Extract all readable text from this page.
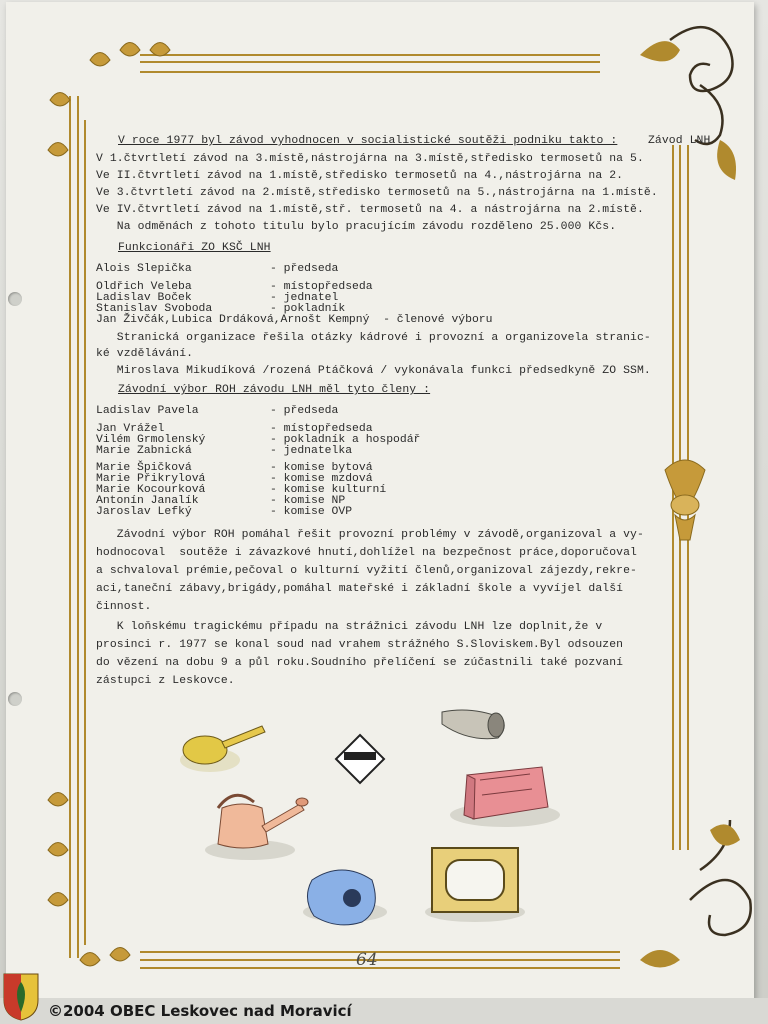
V roce 1977 byl závod vyhodnocen v socialistické soutěži podniku takto :	Závod LNH
V 1.čtvrtletí závod na 3.místě,nástrojárna na 3.místě,středisko termosetů na 5.
Ve II.čtvrtletí závod na 1.místě,středisko termosetů na 4.,nástrojárna na 2.
Ve 3.čtvrtletí závod na 2.místě,středisko termosetů na 5.,nástrojárna na 1.místě.
Ve IV.čtvrtletí závod na 1.místě,stř. termosetů na 4. a nástrojárna na 2.místě.
Na odměnách z tohoto titulu bylo pracujícím závodu rozděleno 25.000 Kčs.
Funkcionáři ZO KSČ LNH
Alois Slepička	- předseda
Oldřich Veleba	- místopředseda
Ladislav Boček	- jednatel
Stanislav Svoboda	- pokladník
Jan Živčák,Lubica Drdáková,Arnošt Kempný  - členové výboru
Stranická organizace řešila otázky kádrové i provozní a organizovela stranic-
ké vzdělávání.
Miroslava Mikudíková /rozená Ptáčková / vykonávala funkci předsedkyně ZO SSM.
Závodní výbor ROH závodu LNH měl tyto členy :
Ladislav Pavela	- předseda
Jan Vrážel	- místopředseda
Vilém Grmolenský	- pokladník a hospodář
Marie Zabnická	- jednatelka
Marie Špičková	- komise bytová
Marie Přikrylová	- komise mzdová
Marie Kocourková	- komise kulturní
Antonín Janalík	- komise NP
Jaroslav Lefký	- komise OVP
Závodní výbor ROH pomáhal řešit provozní problémy v závodě,organizoval a vy-
hodnocoval  soutěže i závazkové hnutí,dohlížel na bezpečnost práce,doporučoval
a schvaloval prémie,pečoval o kulturní vyžití členů,organizoval zájezdy,rekre-
aci,taneční zábavy,brigády,pomáhal mateřské i základní škole a vyvíjel další
činnost.
K loňskému tragickému případu na strážnici závodu LNH lze doplnit,že v
prosinci r. 1977 se konal soud nad vrahem strážného S.Sloviskem.Byl odsouzen
do vězení na dobu 9 a půl roku.Soudního přelíčení se zúčastnili také pozvaní
zástupci z Leskovce.
64
©2004 OBEC Leskovec nad Moravicí
